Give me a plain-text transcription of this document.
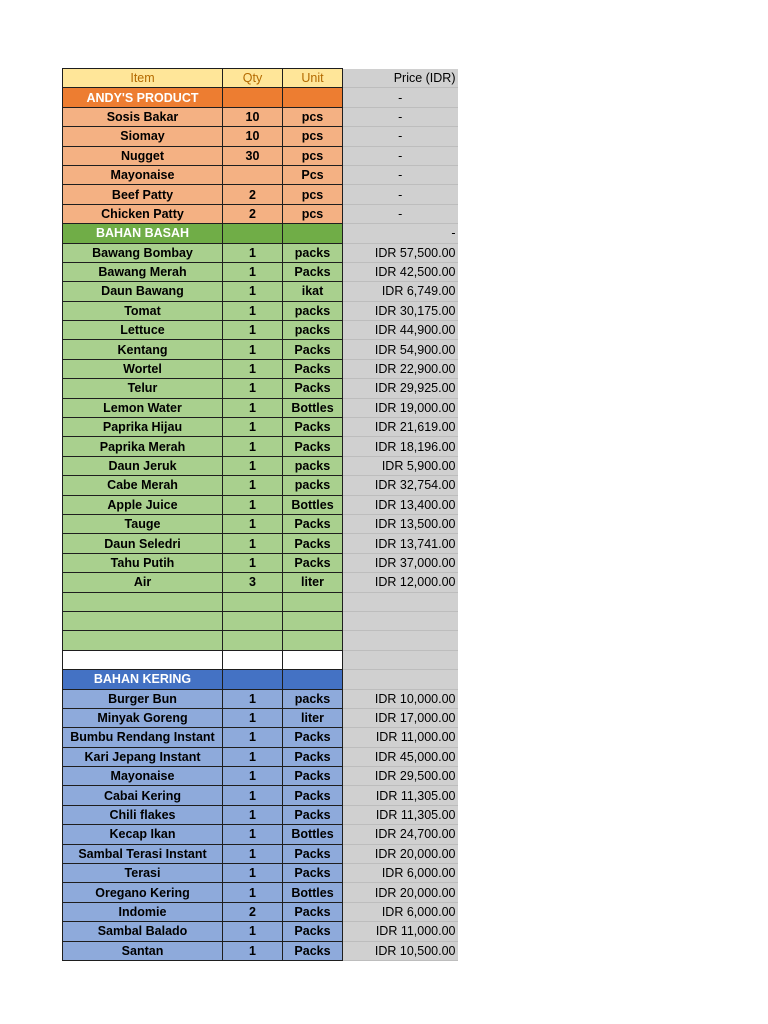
Item	Qty	Unit	Price (IDR)
ANDY'S PRODUCT			-
Sosis Bakar	10	pcs	-
Siomay	10	pcs	-
Nugget	30	pcs	-
Mayonaise		Pcs	-
Beef Patty	2	pcs	-
Chicken Patty	2	pcs	-
BAHAN BASAH			-
Bawang Bombay	1	packs	IDR 57,500.00
Bawang Merah	1	Packs	IDR 42,500.00
Daun Bawang	1	ikat	IDR 6,749.00
Tomat	1	packs	IDR 30,175.00
Lettuce	1	packs	IDR 44,900.00
Kentang	1	Packs	IDR 54,900.00
Wortel	1	Packs	IDR 22,900.00
Telur	1	Packs	IDR 29,925.00
Lemon Water	1	Bottles	IDR 19,000.00
Paprika Hijau	1	Packs	IDR 21,619.00
Paprika Merah	1	Packs	IDR 18,196.00
Daun Jeruk	1	packs	IDR 5,900.00
Cabe Merah	1	packs	IDR 32,754.00
Apple Juice	1	Bottles	IDR 13,400.00
Tauge	1	Packs	IDR 13,500.00
Daun Seledri	1	Packs	IDR 13,741.00
Tahu Putih	1	Packs	IDR 37,000.00
Air	3	liter	IDR 12,000.00

BAHAN KERING			
Burger Bun	1	packs	IDR 10,000.00
Minyak Goreng	1	liter	IDR 17,000.00
Bumbu Rendang Instant	1	Packs	IDR 11,000.00
Kari Jepang Instant	1	Packs	IDR 45,000.00
Mayonaise	1	Packs	IDR 29,500.00
Cabai Kering	1	Packs	IDR 11,305.00
Chili flakes	1	Packs	IDR 11,305.00
Kecap Ikan	1	Bottles	IDR 24,700.00
Sambal Terasi Instant	1	Packs	IDR 20,000.00
Terasi	1	Packs	IDR 6,000.00
Oregano Kering	1	Bottles	IDR 20,000.00
Indomie	2	Packs	IDR 6,000.00
Sambal Balado	1	Packs	IDR 11,000.00
Santan	1	Packs	IDR 10,500.00
